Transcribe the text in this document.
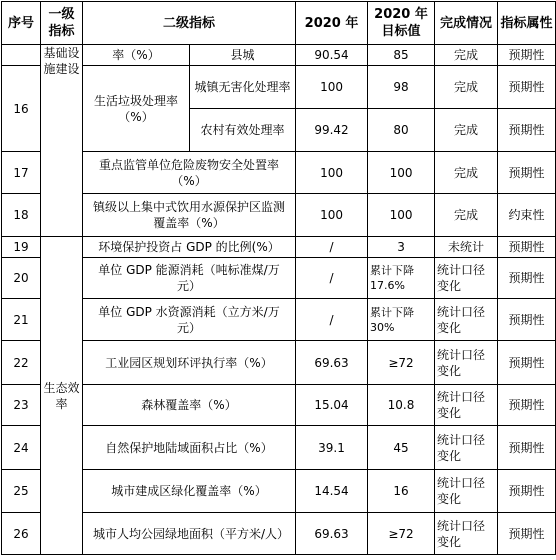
序号	一级指标	二级指标		2020 年	2020 年目标值	完成情况	指标属性
	基础设施建设	率（%）	县城	90.54	85	完成	预期性
16		生活垃圾处理率（%）	城镇无害化处理率	100	98	完成	预期性
			农村有效处理率	99.42	80	完成	预期性
17		重点监管单位危险废物安全处置率（%）		100	100	完成	预期性
18		镇级以上集中式饮用水源保护区监测覆盖率（%）		100	100	完成	约束性
19	生态效率	环境保护投资占 GDP 的比例(%）		/	3	未统计	预期性
20		单位 GDP 能源消耗（吨标准煤/万元）		/	累计下降 17.6%	统计口径变化	预期性
21		单位 GDP 水资源消耗（立方米/万元）		/	累计下降 30%	统计口径变化	预期性
22		工业园区规划环评执行率（%）		69.63	≥72	统计口径变化	预期性
23		森林覆盖率（%）		15.04	10.8	统计口径变化	预期性
24		自然保护地陆域面积占比（%）		39.1	45	统计口径变化	预期性
25		城市建成区绿化覆盖率（%）		14.54	16	统计口径变化	预期性
26		城市人均公园绿地面积（平方米/人）		69.63	≥72	统计口径变化	预期性
